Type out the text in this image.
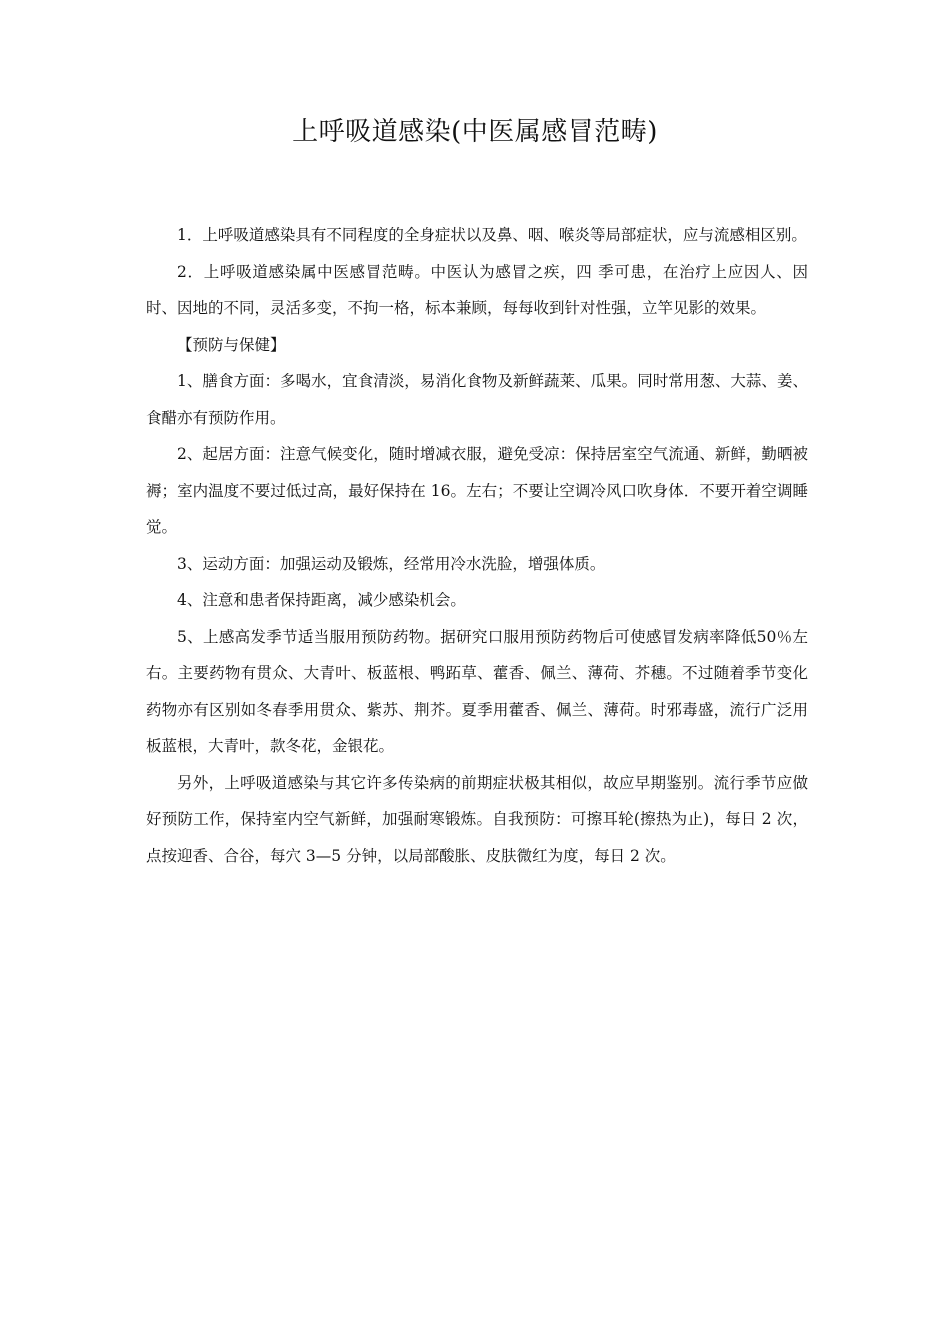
上呼吸道感染(中医属感冒范畴)

1．上呼吸道感染具有不同程度的全身症状以及鼻、咽、喉炎等局部症状，应与流感相区别。

2．上呼吸道感染属中医感冒范畴。中医认为感冒之疾，四 季可患，在治疗上应因人、因时、因地的不同，灵活多变，不拘一格，标本兼顾，每每收到针对性强，立竿见影的效果。

【预防与保健】

1、膳食方面：多喝水，宜食清淡，易消化食物及新鲜蔬莱、瓜果。同时常用葱、大蒜、姜、食醋亦有预防作用。

2、起居方面：注意气候变化，随时增减衣服，避免受凉：保持居室空气流通、新鲜，勤晒被褥；室内温度不要过低过高，最好保持在 16。左右；不要让空调冷风口吹身体．不要开着空调睡觉。

3、运动方面：加强运动及锻炼，经常用冷水洗脸，增强体质。

4、注意和患者保持距离，减少感染机会。

5、上感高发季节适当服用预防药物。据研究口服用预防药物后可使感冒发病率降低50％左右。主要药物有贯众、大青叶、板蓝根、鸭跖草、藿香、佩兰、薄荷、芥穗。不过随着季节变化药物亦有区别如冬春季用贯众、紫苏、荆芥。夏季用藿香、佩兰、薄荷。时邪毒盛，流行广泛用板蓝根，大青叶，款冬花，金银花。

另外，上呼吸道感染与其它许多传染病的前期症状极其相似，故应早期鉴别。流行季节应做好预防工作，保持室内空气新鲜，加强耐寒锻炼。自我预防：可擦耳轮(擦热为止)，每日 2 次，点按迎香、合谷，每穴 3—5 分钟，以局部酸胀、皮肤微红为度，每日 2 次。
